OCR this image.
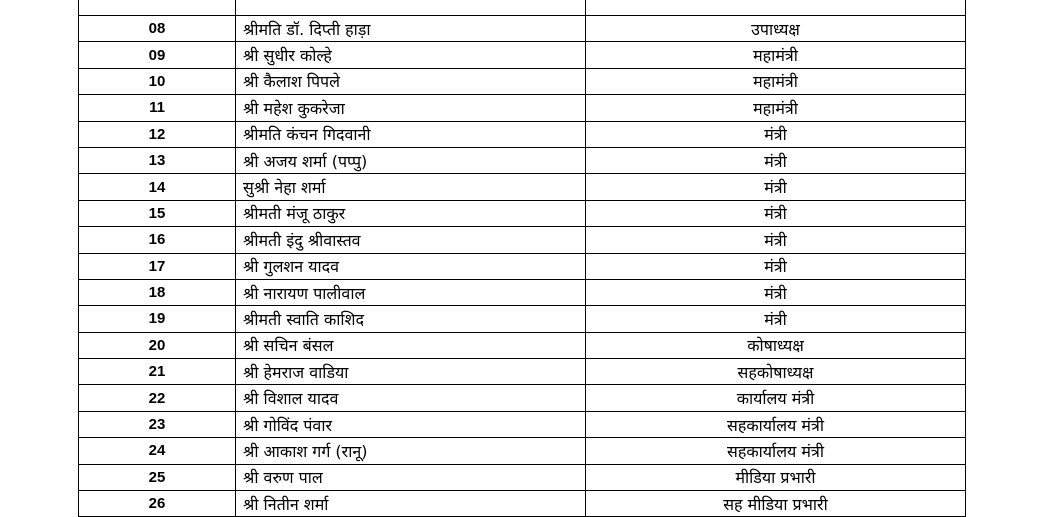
08	श्रीमति डॉ. दिप्ती हाड़ा	उपाध्यक्ष
09	श्री सुधीर कोल्हे	महामंत्री
10	श्री कैलाश पिपले	महामंत्री
11	श्री महेश कुकरेजा	महामंत्री
12	श्रीमति कंचन गिदवानी	मंत्री
13	श्री अजय शर्मा (पप्पु)	मंत्री
14	सुश्री नेहा शर्मा	मंत्री
15	श्रीमती मंजू ठाकुर	मंत्री
16	श्रीमती इंदु श्रीवास्तव	मंत्री
17	श्री गुलशन यादव	मंत्री
18	श्री नारायण पालीवाल	मंत्री
19	श्रीमती स्वाति काशिद	मंत्री
20	श्री सचिन बंसल	कोषाध्यक्ष
21	श्री हेमराज वाडिया	सहकोषाध्यक्ष
22	श्री विशाल यादव	कार्यालय मंत्री
23	श्री गोविंद पंवार	सहकार्यालय मंत्री
24	श्री आकाश गर्ग (रानू)	सहकार्यालय मंत्री
25	श्री वरुण पाल	मीडिया प्रभारी
26	श्री नितीन शर्मा	सह मीडिया प्रभारी
